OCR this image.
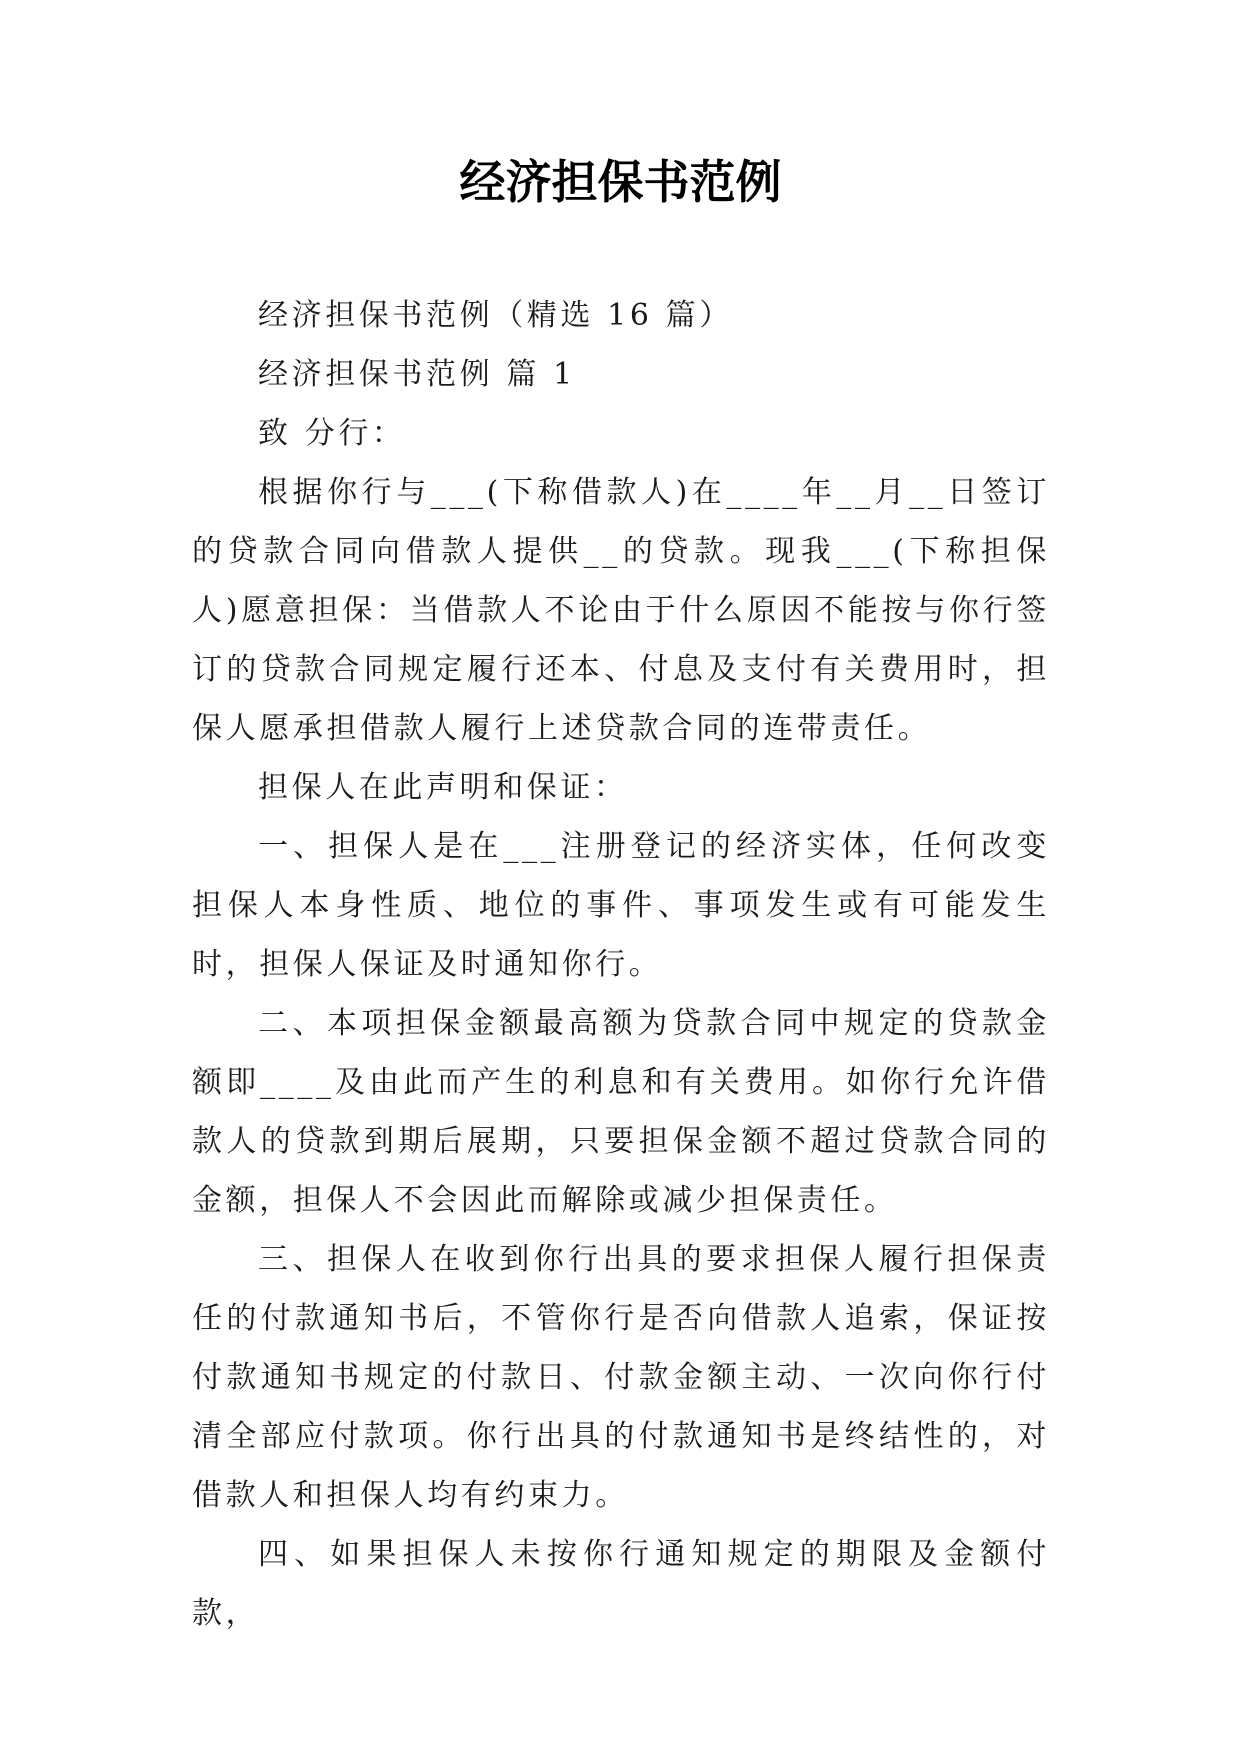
经济担保书范例

经济担保书范例（精选 16 篇）

经济担保书范例 篇 1

致 分行：

根据你行与___(下称借款人)在____年__月__日签订的贷款合同向借款人提供__的贷款。现我___(下称担保人)愿意担保：当借款人不论由于什么原因不能按与你行签订的贷款合同规定履行还本、付息及支付有关费用时，担保人愿承担借款人履行上述贷款合同的连带责任。

担保人在此声明和保证：

一、担保人是在___注册登记的经济实体，任何改变担保人本身性质、地位的事件、事项发生或有可能发生时，担保人保证及时通知你行。

二、本项担保金额最高额为贷款合同中规定的贷款金额即____及由此而产生的利息和有关费用。如你行允许借款人的贷款到期后展期，只要担保金额不超过贷款合同的金额，担保人不会因此而解除或减少担保责任。

三、担保人在收到你行出具的要求担保人履行担保责任的付款通知书后，不管你行是否向借款人追索，保证按付款通知书规定的付款日、付款金额主动、一次向你行付清全部应付款项。你行出具的付款通知书是终结性的，对借款人和担保人均有约束力。

四、如果担保人未按你行通知规定的期限及金额付款，
